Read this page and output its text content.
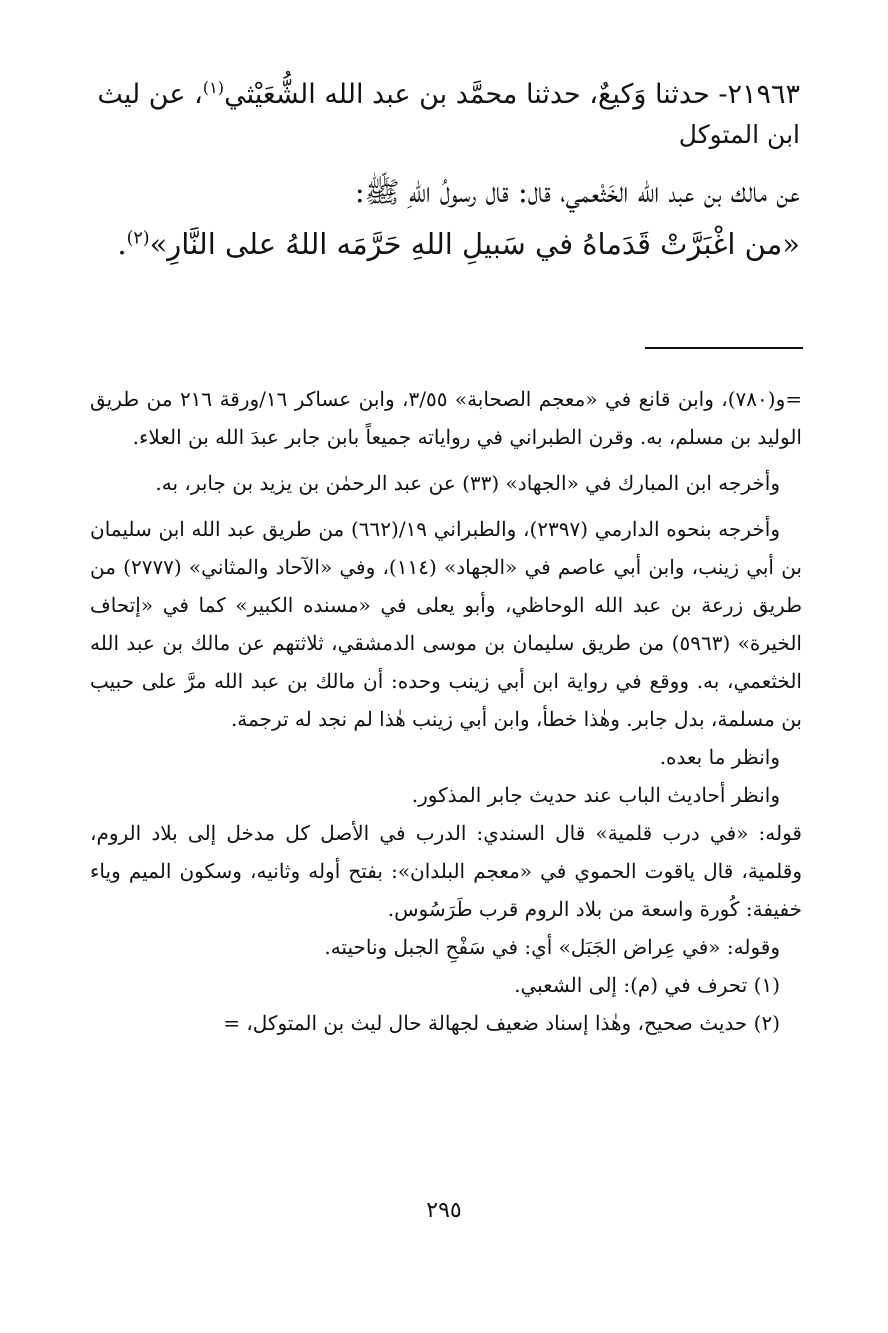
٢١٩٦٣- حدثنا وَكيعٌ، حدثنا محمَّد بن عبد الله الشُّعَيْثي$^{(١)}$، عن ليث

ابن المتوكل

عن مالك بن عبد الله الخَثْعمي، قال: قال رسولُ اللهِ ﷺ:
«من اغْبَرَّتْ قَدَماهُ في سَبيلِ اللهِ حَرَّمَه اللهُ على النَّارِ»$^{(٢)}$.

=و(٧٨٠)، وابن قانع في «معجم الصحابة» ٣/٥٥، وابن عساكر ١٦/ورقة ٢١٦ من طريق الوليد بن مسلم، به. وقرن الطبراني في رواياته جميعاً بابن جابر عبدَ الله بن العلاء.

وأخرجه ابن المبارك في «الجهاد» (٣٣) عن عبد الرحمٰن بن يزيد بن جابر، به.

وأخرجه بنحوه الدارمي (٢٣٩٧)، والطبراني ١٩/(٦٦٢) من طريق عبد الله ابن سليمان بن أبي زينب، وابن أبي عاصم في «الجهاد» (١١٤)، وفي «الآحاد والمثاني» (٢٧٧٧) من طريق زرعة بن عبد الله الوحاظي، وأبو يعلى في «مسنده الكبير» كما في «إتحاف الخيرة» (٥٩٦٣) من طريق سليمان بن موسى الدمشقي، ثلاثتهم عن مالك بن عبد الله الخثعمي، به. ووقع في رواية ابن أبي زينب وحده: أن مالك بن عبد الله مرَّ على حبيب بن مسلمة، بدل جابر. وهٰذا خطأ، وابن أبي زينب هٰذا لم نجد له ترجمة.

وانظر ما بعده.

وانظر أحاديث الباب عند حديث جابر المذكور.

قوله: «في درب قلمية» قال السندي: الدرب في الأصل كل مدخل إلى بلاد الروم، وقلمية، قال ياقوت الحموي في «معجم البلدان»: بفتح أوله وثانيه، وسكون الميم وياء خفيفة: كُورة واسعة من بلاد الروم قرب طَرَسُوس.

وقوله: «في عِراض الجَبَل» أي: في سَفْحِ الجبل وناحيته.

(١) تحرف في (م): إلى الشعبي.

(٢) حديث صحيح، وهٰذا إسناد ضعيف لجهالة حال ليث بن المتوكل، =

٢٩٥
